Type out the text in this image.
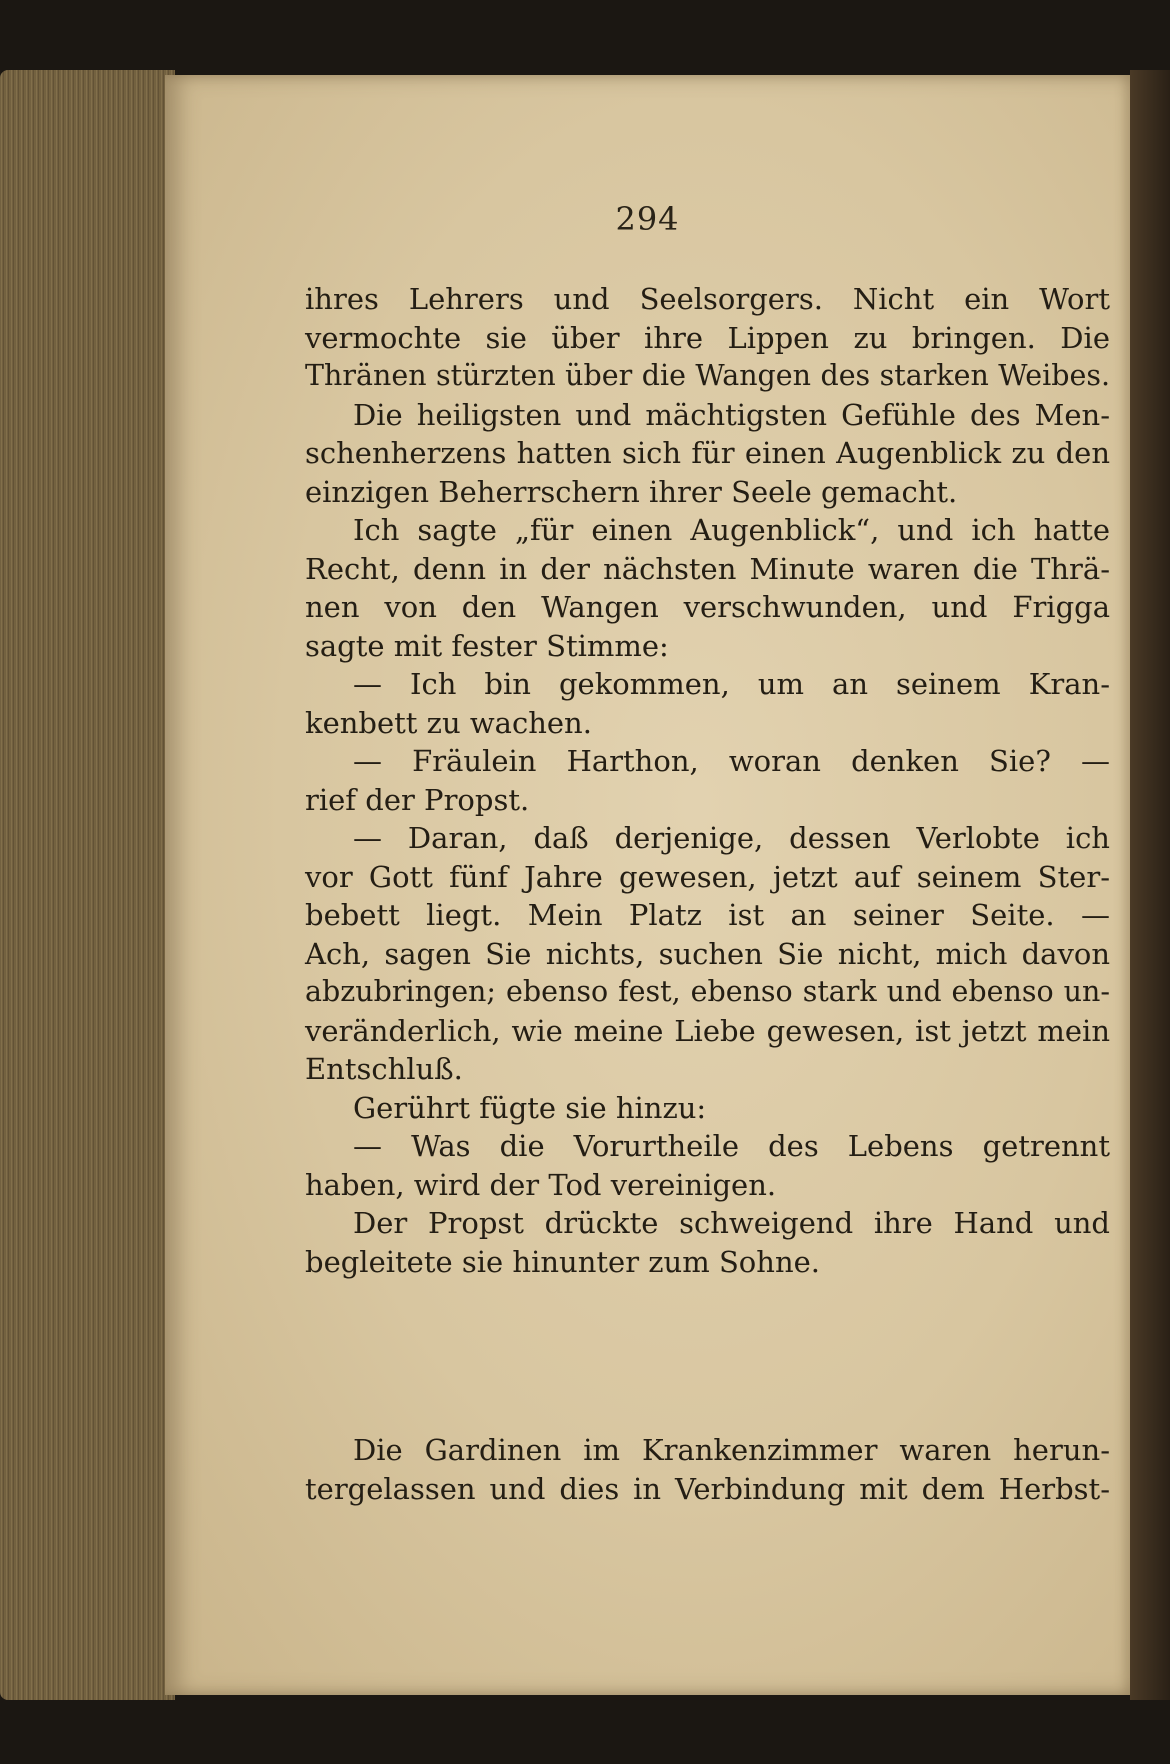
294
ihres Lehrers und Seelsorgers. Nicht ein Wort
vermochte sie über ihre Lippen zu bringen. Die
Thränen stürzten über die Wangen des starken Weibes.
Die heiligsten und mächtigsten Gefühle des Men-
schenherzens hatten sich für einen Augenblick zu den
einzigen Beherrschern ihrer Seele gemacht.
Ich sagte „für einen Augenblick“, und ich hatte
Recht, denn in der nächsten Minute waren die Thrä-
nen von den Wangen verschwunden, und Frigga
sagte mit fester Stimme:
— Ich bin gekommen, um an seinem Kran-
kenbett zu wachen.
— Fräulein Harthon, woran denken Sie? —
rief der Propst.
— Daran, daß derjenige, dessen Verlobte ich
vor Gott fünf Jahre gewesen, jetzt auf seinem Ster-
bebett liegt. Mein Platz ist an seiner Seite. —
Ach, sagen Sie nichts, suchen Sie nicht, mich davon
abzubringen; ebenso fest, ebenso stark und ebenso un-
veränderlich, wie meine Liebe gewesen, ist jetzt mein
Entschluß.
Gerührt fügte sie hinzu:
— Was die Vorurtheile des Lebens getrennt
haben, wird der Tod vereinigen.
Der Propst drückte schweigend ihre Hand und
begleitete sie hinunter zum Sohne.
Die Gardinen im Krankenzimmer waren herun-
tergelassen und dies in Verbindung mit dem Herbst-
